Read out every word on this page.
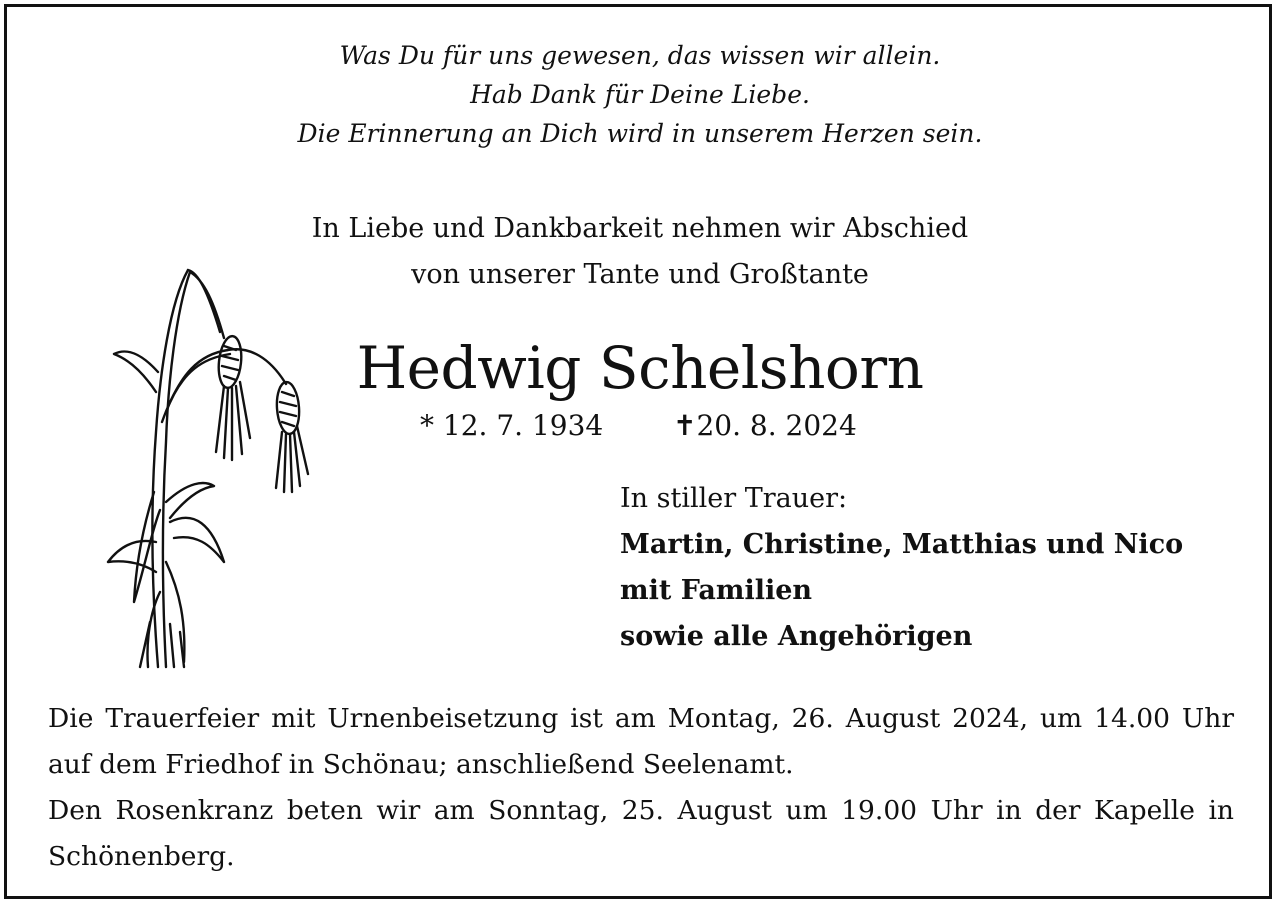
Was Du für uns gewesen, das wissen wir allein.
Hab Dank für Deine Liebe.
Die Erinnerung an Dich wird in unserem Herzen sein.
In Liebe und Dankbarkeit nehmen wir Abschied
von unserer Tante und Großtante
Hedwig Schelshorn
* 12. 7. 1934 ✝20. 8. 2024
In stiller Trauer:
Martin, Christine, Matthias und Nico
mit Familien
sowie alle Angehörigen

Die Trauerfeier mit Urnenbeisetzung ist am Montag, 26. August 2024, um 14.00 Uhr auf dem Friedhof in Schönau; anschließend Seelenamt.

Den Rosenkranz beten wir am Sonntag, 25. August um 19.00 Uhr in der Kapelle in Schönenberg.
